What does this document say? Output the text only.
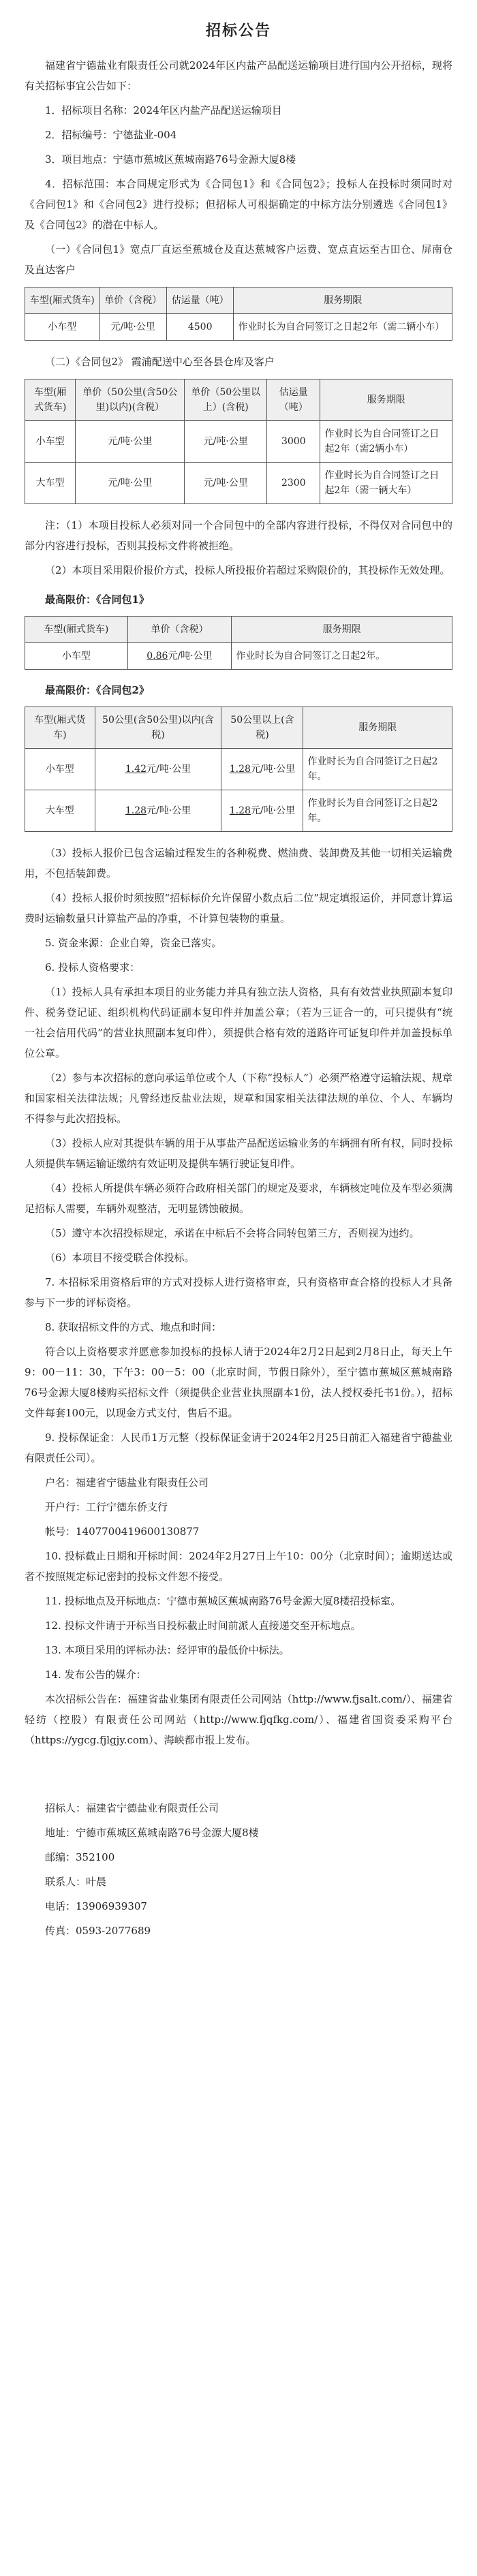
招标公告

福建省宁德盐业有限责任公司就2024年区内盐产品配送运输项目进行国内公开招标，现将有关招标事宜公告如下：

1．招标项目名称：2024年区内盐产品配送运输项目

2．招标编号：宁德盐业-004

3．项目地点：宁德市蕉城区蕉城南路76号金源大厦8楼

4．招标范围：本合同规定形式为《合同包1》和《合同包2》；投标人在投标时须同时对《合同包1》和《合同包2》进行投标；但招标人可根据确定的中标方法分别遴选《合同包1》及《合同包2》的潜在中标人。

（一）《合同包1》宽点厂直运至蕉城仓及直达蕉城客户运费、宽点直运至古田仓、屏南仓及直达客户

车型(厢式货车)	单价（含税）	估运量（吨）	服务期限
小车型	元/吨·公里	4500	作业时长为自合同签订之日起2年（需二辆小车）

（二）《合同包2》 霞浦配送中心至各县仓库及客户

车型(厢式货车)	单价（50公里(含50公里)以内)(含税）	单价（50公里以上）(含税)	估运量（吨）	服务期限
小车型	元/吨·公里	元/吨·公里	3000	作业时长为自合同签订之日起2年（需2辆小车）
大车型	元/吨·公里	元/吨·公里	2300	作业时长为自合同签订之日起2年（需一辆大车）

注：（1）本项目投标人必须对同一个合同包中的全部内容进行投标，不得仅对合同包中的部分内容进行投标，否则其投标文件将被拒绝。

（2）本项目采用限价报价方式，投标人所投报价若超过采购限价的，其投标作无效处理。

最高限价：《合同包1》
车型(厢式货车)	单价（含税）	服务期限
小车型	0.86元/吨·公里	作业时长为自合同签订之日起2年。
最高限价：《合同包2》
车型(厢式货车)	50公里(含50公里)以内(含税)	50公里以上(含税)	服务期限
小车型	1.42元/吨·公里	1.28元/吨·公里	作业时长为自合同签订之日起2年。
大车型	1.28元/吨·公里	1.28元/吨·公里	作业时长为自合同签订之日起2年。

（3）投标人报价已包含运输过程发生的各种税费、燃油费、装卸费及其他一切相关运输费用，不包括装卸费。

（4）投标人报价时须按照“招标标价允许保留小数点后二位”规定填报运价，并同意计算运费时运输数量只计算盐产品的净重，不计算包装物的重量。

5. 资金来源：企业自筹，资金已落实。

6. 投标人资格要求：

（1）投标人具有承担本项目的业务能力并具有独立法人资格，具有有效营业执照副本复印件、税务登记证、组织机构代码证副本复印件并加盖公章；（若为三证合一的，可只提供有“统一社会信用代码”的营业执照副本复印件），须提供合格有效的道路许可证复印件并加盖投标单位公章。

（2）参与本次招标的意向承运单位或个人（下称“投标人”）必须严格遵守运输法规、规章和国家相关法律法规；凡曾经违反盐业法规，规章和国家相关法律法规的单位、个人、车辆均不得参与此次招投标。

（3）投标人应对其提供车辆的用于从事盐产品配送运输业务的车辆拥有所有权，同时投标人须提供车辆运输证缴纳有效证明及提供车辆行驶证复印件。

（4）投标人所提供车辆必须符合政府相关部门的规定及要求，车辆核定吨位及车型必须满足招标人需要，车辆外观整洁，无明显锈蚀破损。

（5）遵守本次招投标规定，承诺在中标后不会将合同转包第三方，否则视为违约。

（6）本项目不接受联合体投标。

7. 本招标采用资格后审的方式对投标人进行资格审查，只有资格审查合格的投标人才具备参与下一步的评标资格。

8. 获取招标文件的方式、地点和时间：

符合以上资格要求并愿意参加投标的投标人请于2024年2月2日起到2月8日止，每天上午9：00－11：30，下午3：00－5：00（北京时间，节假日除外），至宁德市蕉城区蕉城南路76号金源大厦8楼购买招标文件（须提供企业营业执照副本1份，法人授权委托书1份。），招标文件每套100元，以现金方式支付，售后不退。

9. 投标保证金：人民币1万元整（投标保证金请于2024年2月25日前汇入福建省宁德盐业有限责任公司）。

户名：福建省宁德盐业有限责任公司

开户行：工行宁德东侨支行

帐号：1407700419600130877

10. 投标截止日期和开标时间：2024年2月27日上午10：00分（北京时间）；逾期送达或者不按照规定标记密封的投标文件恕不接受。

11. 投标地点及开标地点：宁德市蕉城区蕉城南路76号金源大厦8楼招投标室。

12. 投标文件请于开标当日投标截止时间前派人直接递交至开标地点。

13. 本项目采用的评标办法：经评审的最低价中标法。

14. 发布公告的媒介：

本次招标公告在：福建省盐业集团有限责任公司网站（http://www.fjsalt.com/）、福建省轻纺（控股）有限责任公司网站（http://www.fjqfkg.com/）、福建省国资委采购平台（https://ygcg.fjlgjy.com）、海峡都市报上发布。

招标人：福建省宁德盐业有限责任公司

地址：宁德市蕉城区蕉城南路76号金源大厦8楼

邮编：352100

联系人：叶晨

电话：13906939307

传真：0593-2077689
